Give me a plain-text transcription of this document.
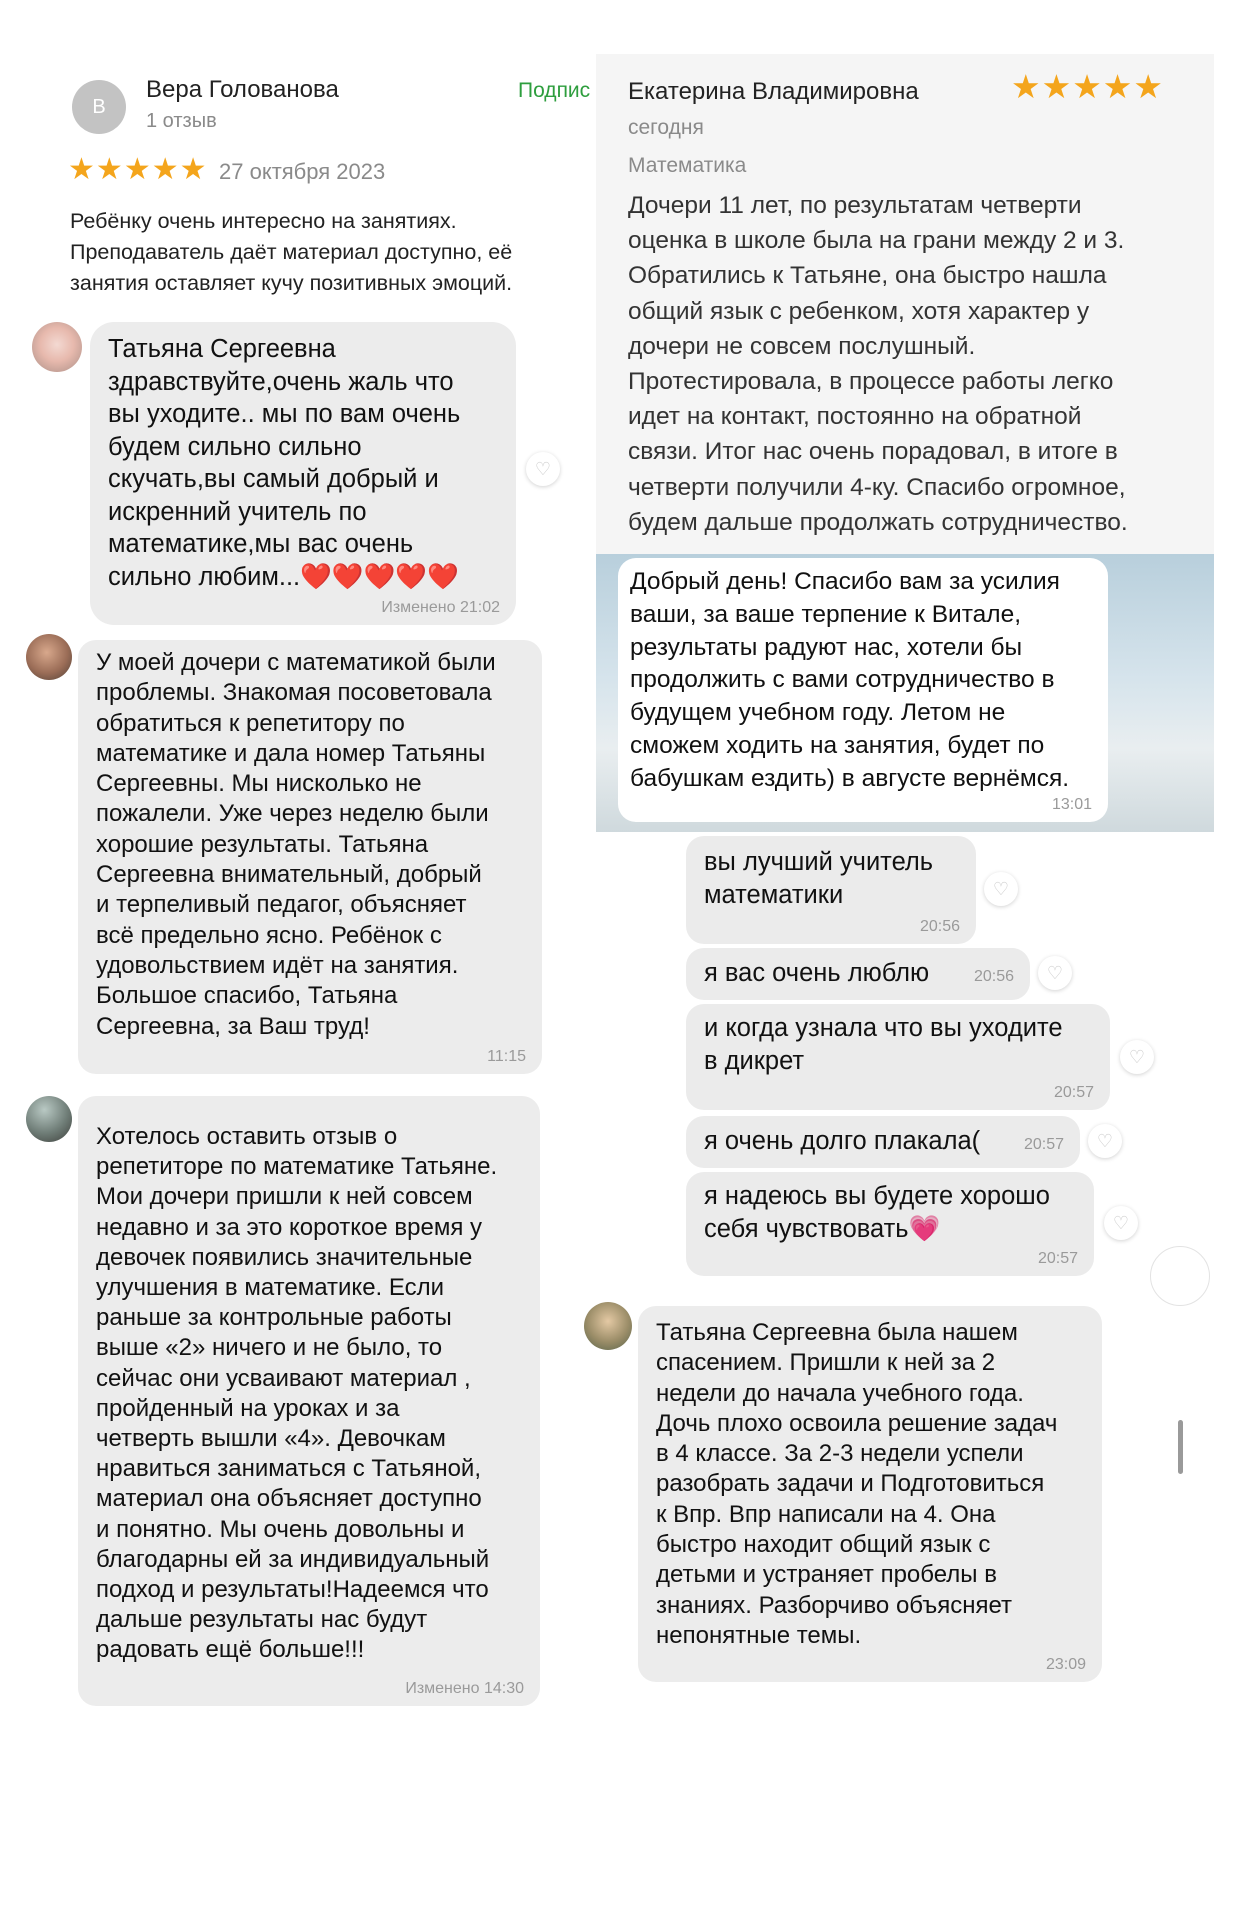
В
Вера Голованова
1 отзыв
Подпис
★★★★★ 27 октября 2023
Ребёнку очень интересно на занятиях.
Преподаватель даёт материал доступно, её
занятия оставляет кучу позитивных эмоций.
Екатерина Владимировна	★★★★★
сегодня
Математика
Дочери 11 лет, по результатам четверти
оценка в школе была на грани между 2 и 3.
Обратились к Татьяне, она быстро нашла
общий язык с ребенком, хотя характер у
дочери не совсем послушный.
Протестировала, в процессе работы легко
идет на контакт, постоянно на обратной
связи. Итог нас очень порадовал, в итоге в
четверти получили 4-ку. Спасибо огромное,
будем дальше продолжать сотрудничество.
Татьяна Сергеевна
здравствуйте,очень жаль что
вы уходите.. мы по вам очень
будем сильно сильно
скучать,вы самый добрый и
искренний учитель по
математике,мы вас очень
сильно любим...❤️❤️❤️❤️❤️
Изменено 21:02
♡
Добрый день! Спасибо вам за усилия
ваши, за ваше терпение к Витале,
результаты радуют нас, хотели бы
продолжить с вами сотрудничество в
будущем учебном году. Летом не
сможем ходить на занятия, будет по
бабушкам ездить) в августе вернёмся.
13:01
У моей дочери с математикой были
проблемы. Знакомая посоветовала
обратиться к репетитору по
математике и дала номер Татьяны
Сергеевны. Мы нисколько не
пожалели. Уже через неделю были
хорошие результаты. Татьяна
Сергеевна внимательный, добрый
и терпеливый педагог, объясняет
всё предельно ясно. Ребёнок с
удовольствием идёт на занятия.
Большое спасибо, Татьяна
Сергеевна, за Ваш труд!
11:15
вы лучший учитель
математики
20:56
♡
я вас очень люблю	20:56	♡
и когда узнала что вы уходите
в дикрет
20:57
♡
я очень долго плакала(	20:57	♡
я надеюсь вы будете хорошо
себя чувствовать💗
20:57
♡
Хотелось оставить отзыв о
репетиторе по математике Татьяне.
Мои дочери пришли к ней совсем
недавно и за это короткое время у
девочек появились значительные
улучшения в математике. Если
раньше за контрольные работы
выше «2» ничего и не было, то
сейчас они усваивают материал ,
пройденный на уроках и за
четверть вышли «4». Девочкам
нравиться заниматься с Татьяной,
материал она объясняет доступно
и понятно. Мы очень довольны и
благодарны ей за индивидуальный
подход и результаты!Надеемся что
дальше результаты нас будут
радовать ещё больше!!!
Изменено 14:30
Татьяна Сергеевна была нашем
спасением. Пришли к ней за 2
недели до начала учебного года.
Дочь плохо освоила решение задач
в 4 классе. За 2-3 недели успели
разобрать задачи и Подготовиться
к Впр. Впр написали на 4. Она
быстро находит общий язык с
детьми и устраняет пробелы в
знаниях. Разборчиво объясняет
непонятные темы.
23:09
